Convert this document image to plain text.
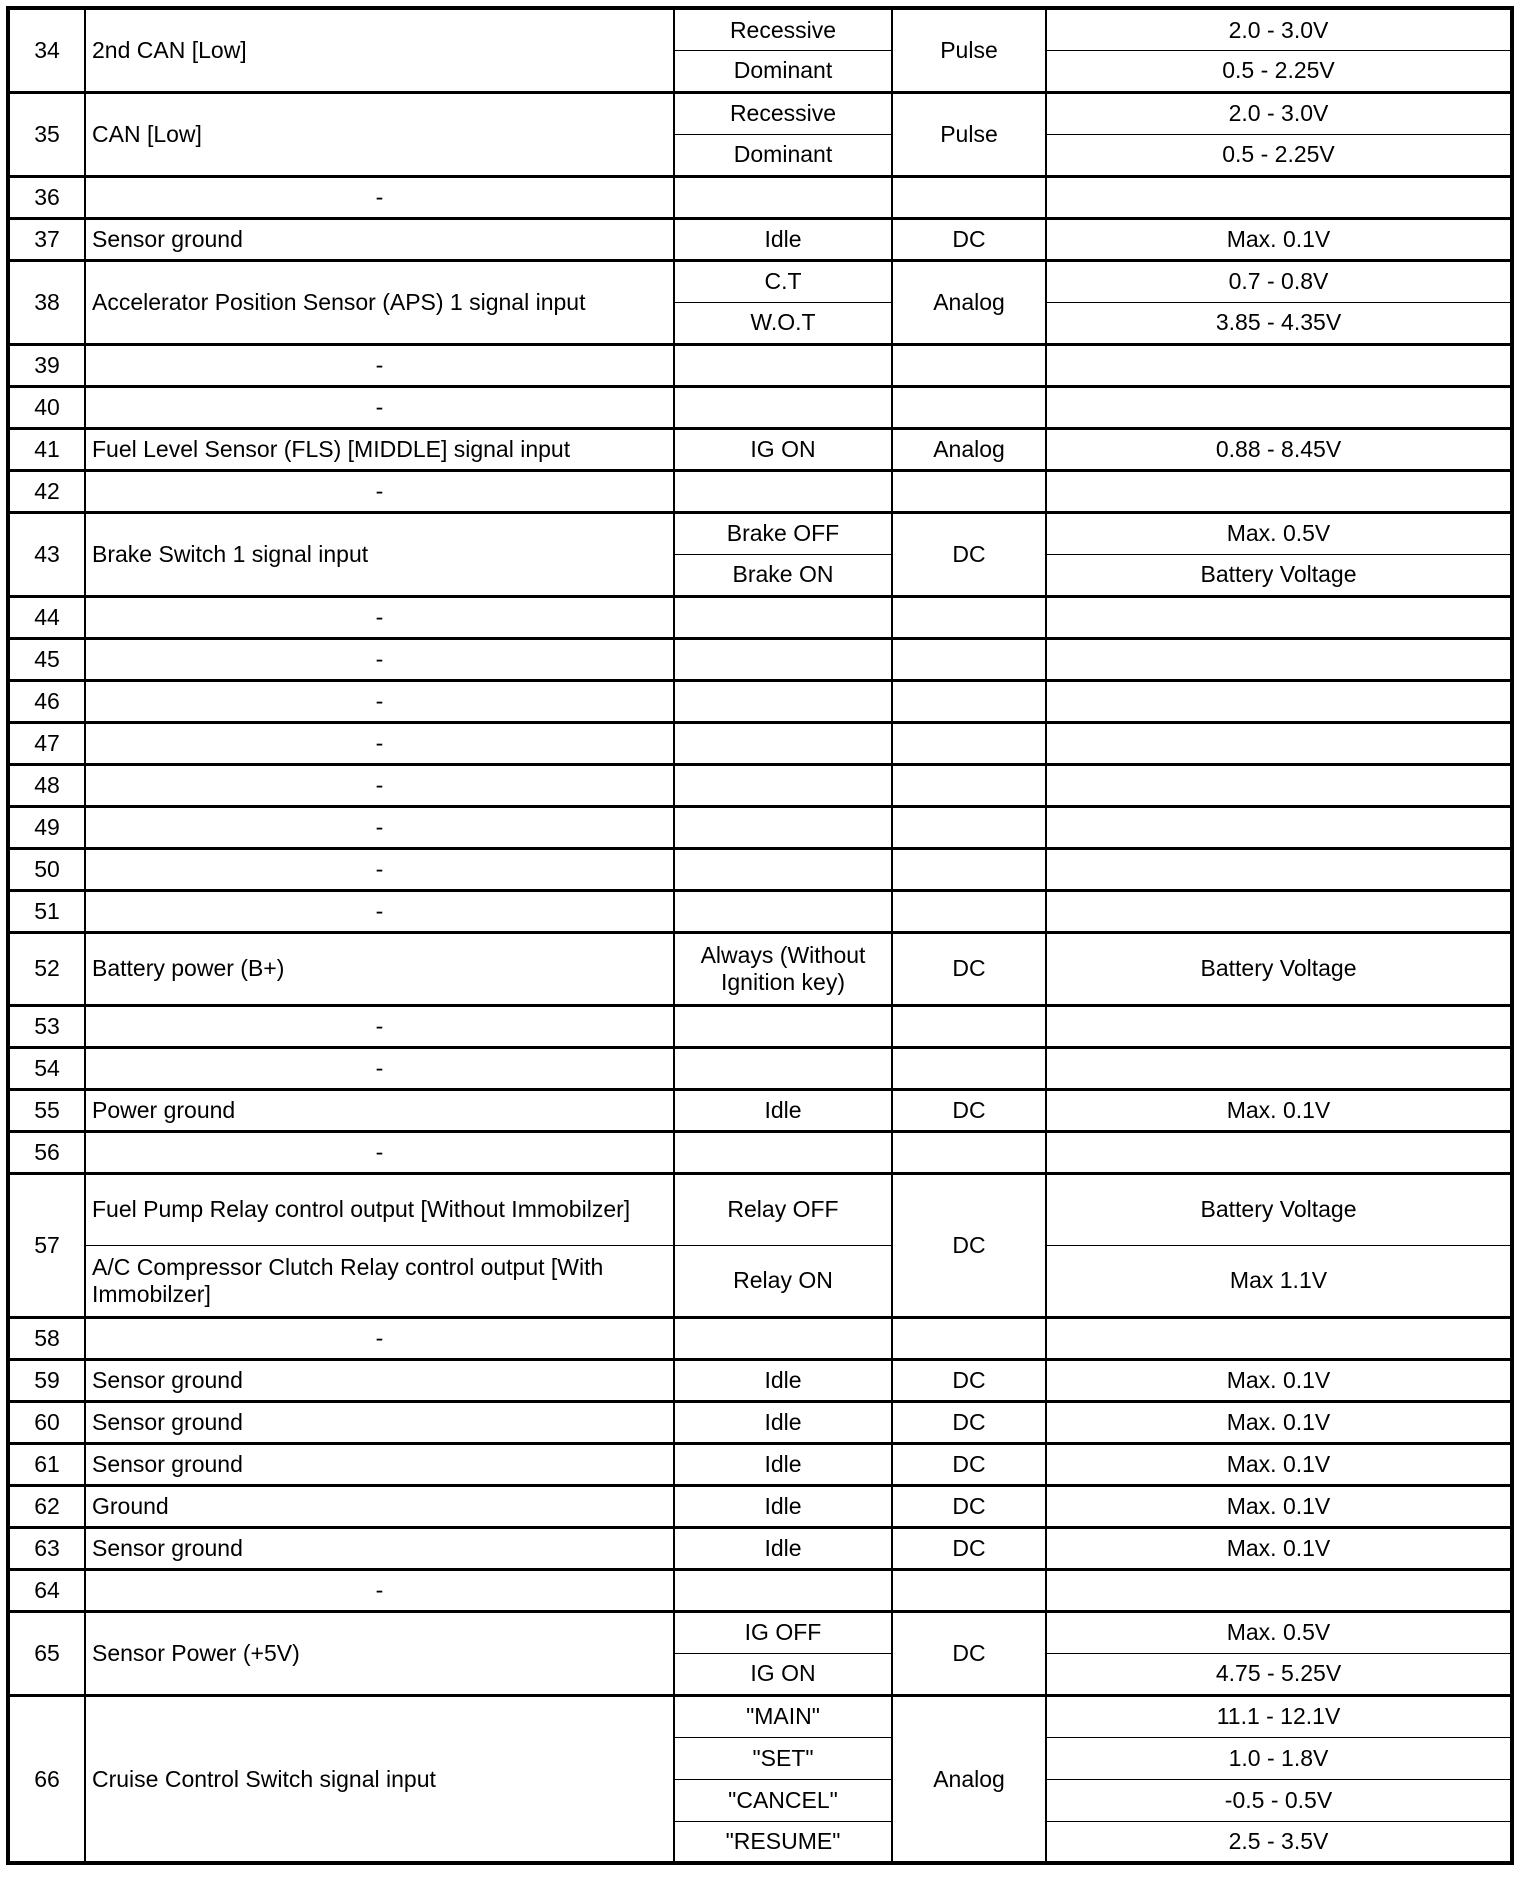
34	2nd CAN [Low]	Recessive	Pulse	2.0 - 3.0V
		Dominant		0.5 - 2.25V
35	CAN [Low]	Recessive	Pulse	2.0 - 3.0V
		Dominant		0.5 - 2.25V
36	-			
37	Sensor ground	Idle	DC	Max. 0.1V
38	Accelerator Position Sensor (APS) 1 signal input	C.T	Analog	0.7 - 0.8V
		W.O.T		3.85 - 4.35V
39	-			
40	-			
41	Fuel Level Sensor (FLS) [MIDDLE] signal input	IG ON	Analog	0.88 - 8.45V
42	-			
43	Brake Switch 1 signal input	Brake OFF	DC	Max. 0.5V
		Brake ON		Battery Voltage
44	-			
45	-			
46	-			
47	-			
48	-			
49	-			
50	-			
51	-			
52	Battery power (B+)	Always (Without Ignition key)	DC	Battery Voltage
53	-			
54	-			
55	Power ground	Idle	DC	Max. 0.1V
56	-			
57	Fuel Pump Relay control output [Without Immobilzer]	Relay OFF	DC	Battery Voltage
	A/C Compressor Clutch Relay control output [With Immobilzer]	Relay ON		Max 1.1V
58	-			
59	Sensor ground	Idle	DC	Max. 0.1V
60	Sensor ground	Idle	DC	Max. 0.1V
61	Sensor ground	Idle	DC	Max. 0.1V
62	Ground	Idle	DC	Max. 0.1V
63	Sensor ground	Idle	DC	Max. 0.1V
64	-			
65	Sensor Power (+5V)	IG OFF	DC	Max. 0.5V
		IG ON		4.75 - 5.25V
66	Cruise Control Switch signal input	"MAIN"	Analog	11.1 - 12.1V
		"SET"		1.0 - 1.8V
		"CANCEL"		-0.5 - 0.5V
		"RESUME"		2.5 - 3.5V
